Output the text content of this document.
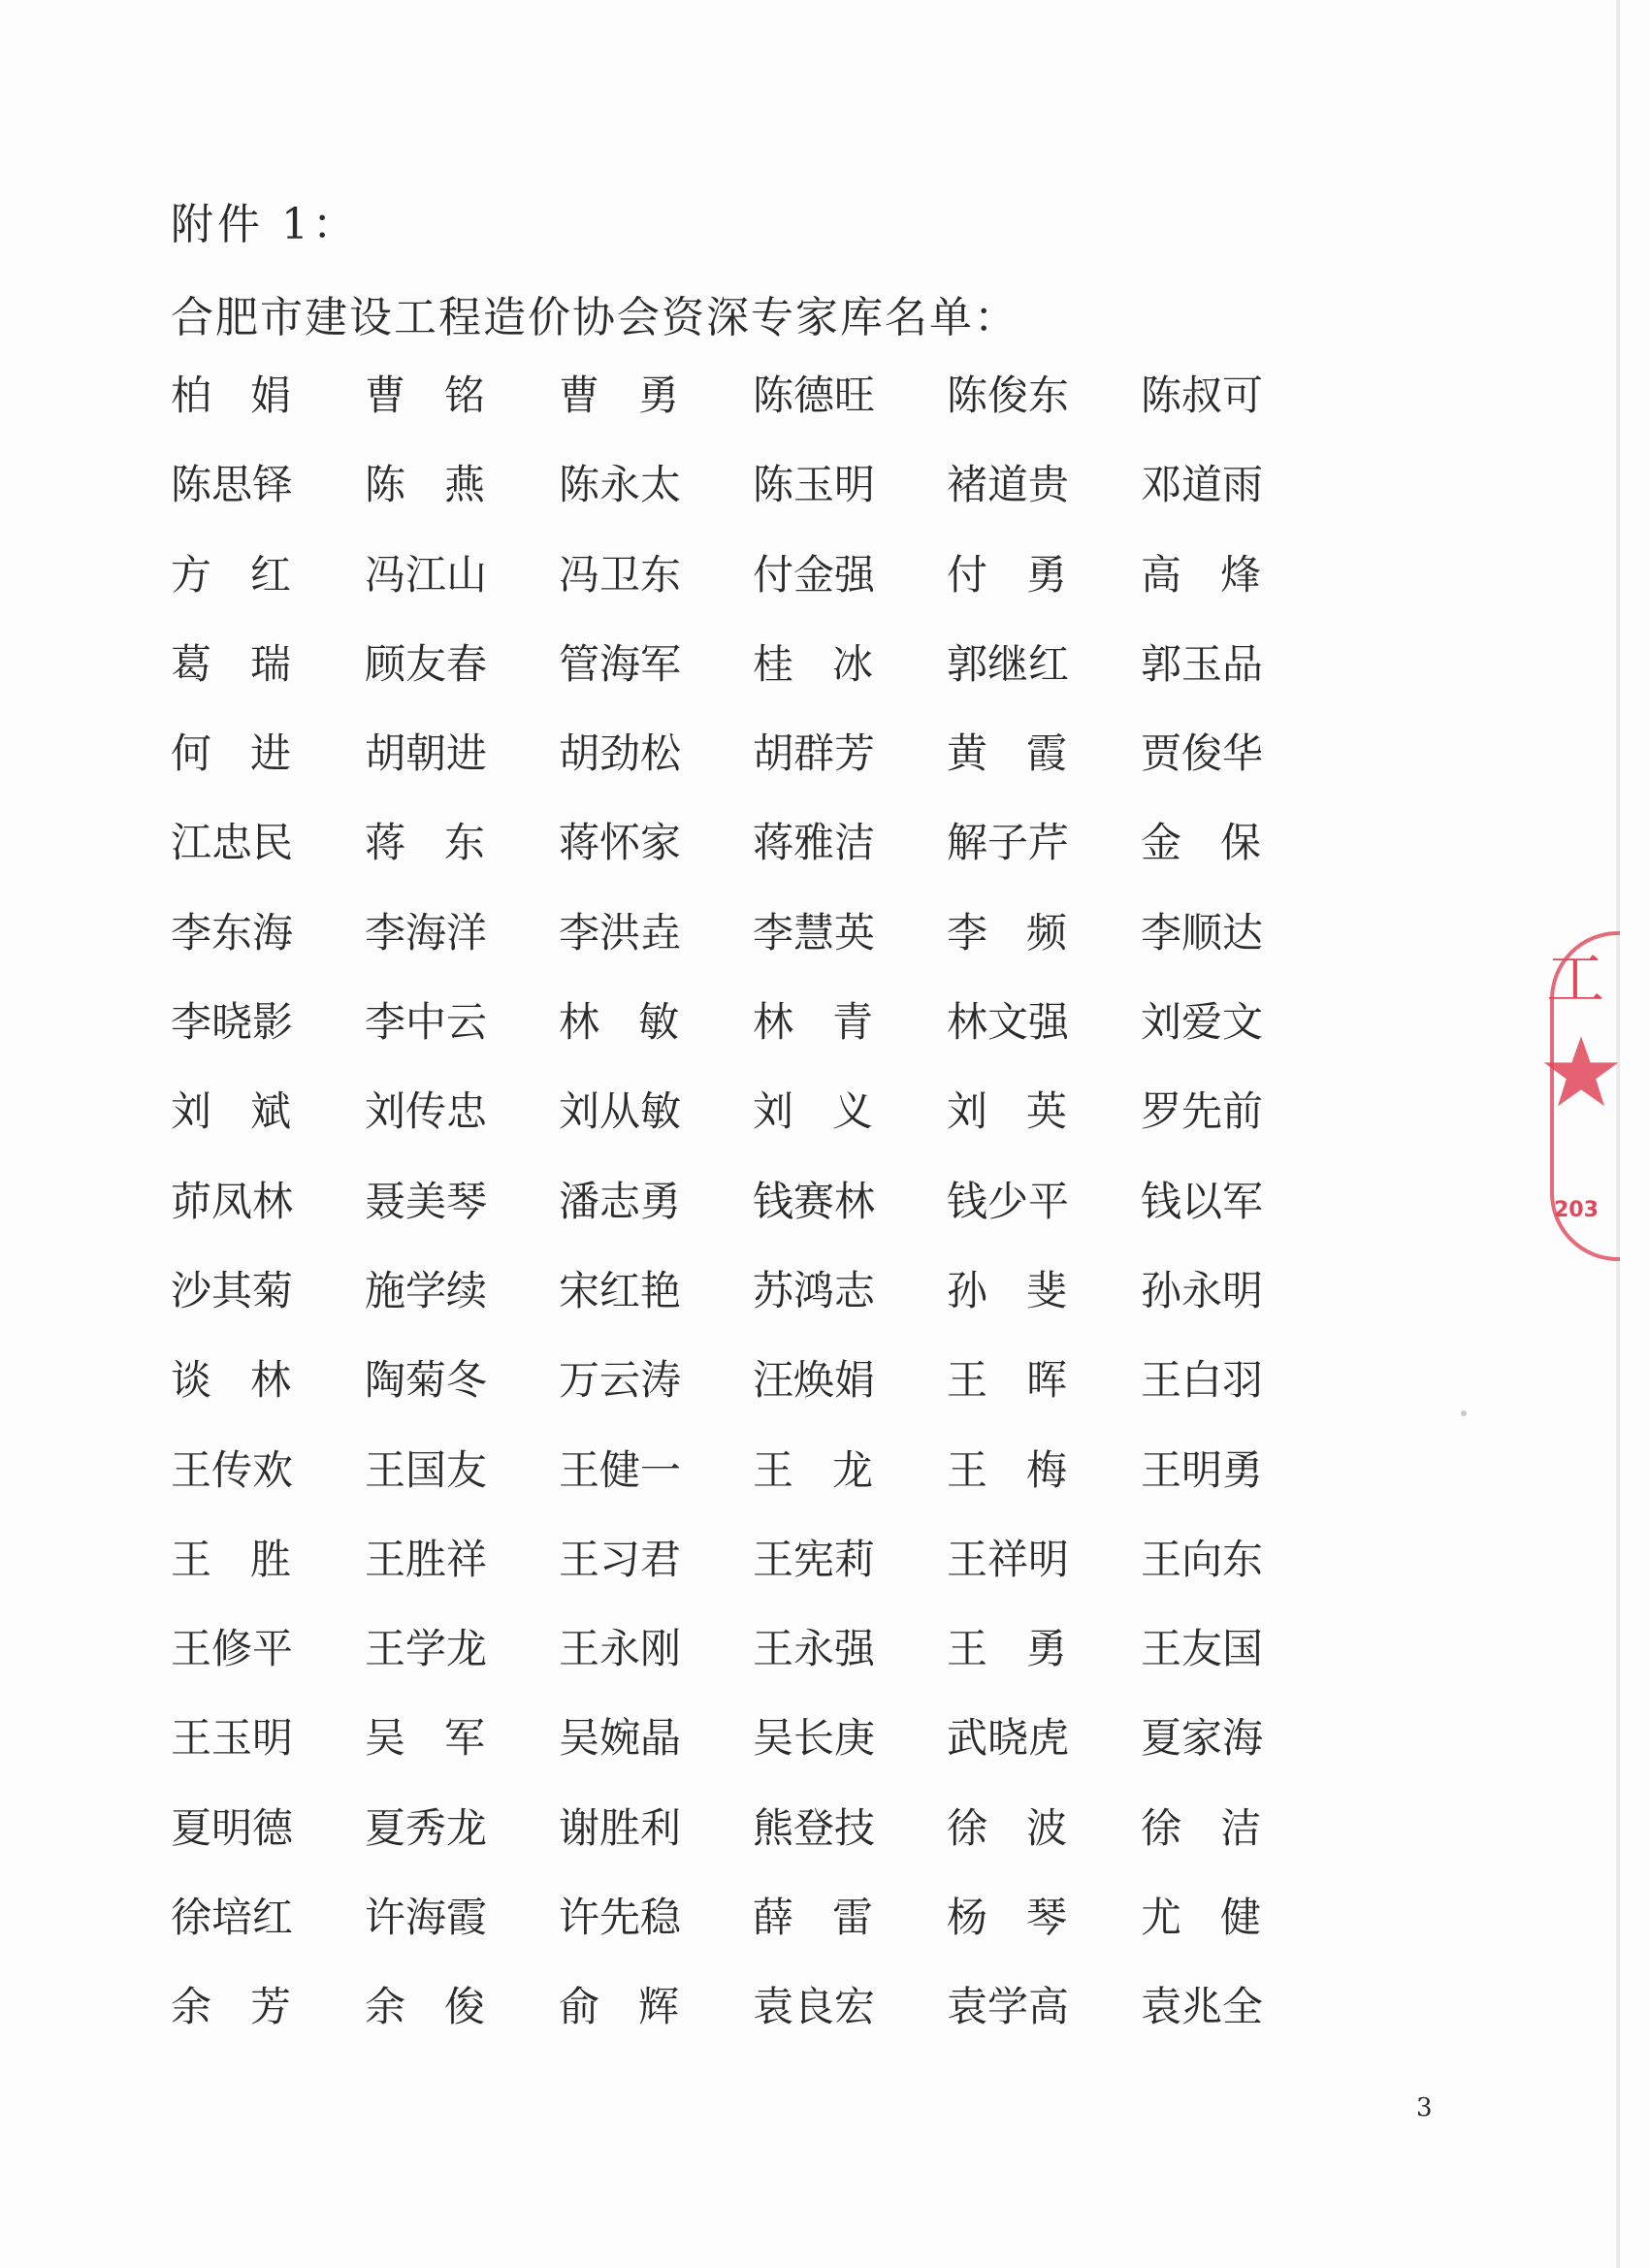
附件 1：
合肥市建设工程造价协会资深专家库名单：
柏 娟 曹 铭 曹 勇 陈 德 旺 陈 俊 东 陈 叔 可
陈 思 铎 陈 燕 陈 永 太 陈 玉 明 褚 道 贵 邓 道 雨
方 红 冯 江 山 冯 卫 东 付 金 强 付 勇 高 烽
葛 瑞 顾 友 春 管 海 军 桂 冰 郭 继 红 郭 玉 品
何 进 胡 朝 进 胡 劲 松 胡 群 芳 黄 霞 贾 俊 华
江 忠 民 蒋 东 蒋 怀 家 蒋 雅 洁 解 子 芹 金 保
李 东 海 李 海 洋 李 洪 垚 李 慧 英 李 频 李 顺 达
李 晓 影 李 中 云 林 敏 林 青 林 文 强 刘 爱 文
刘 斌 刘 传 忠 刘 从 敏 刘 义 刘 英 罗 先 前
茆 凤 林 聂 美 琴 潘 志 勇 钱 赛 林 钱 少 平 钱 以 军
沙 其 菊 施 学 续 宋 红 艳 苏 鸿 志 孙 斐 孙 永 明
谈 林 陶 菊 冬 万 云 涛 汪 焕 娟 王 晖 王 白 羽
王 传 欢 王 国 友 王 健 一 王 龙 王 梅 王 明 勇
王 胜 王 胜 祥 王 习 君 王 宪 莉 王 祥 明 王 向 东
王 修 平 王 学 龙 王 永 刚 王 永 强 王 勇 王 友 国
王 玉 明 吴 军 吴 婉 晶 吴 长 庚 武 晓 虎 夏 家 海
夏 明 德 夏 秀 龙 谢 胜 利 熊 登 技 徐 波 徐 洁
徐 培 红 许 海 霞 许 先 稳 薛 雷 杨 琴 尤 健
余 芳 余 俊 俞 辉 袁 良 宏 袁 学 高 袁 兆 全
3
工
203
